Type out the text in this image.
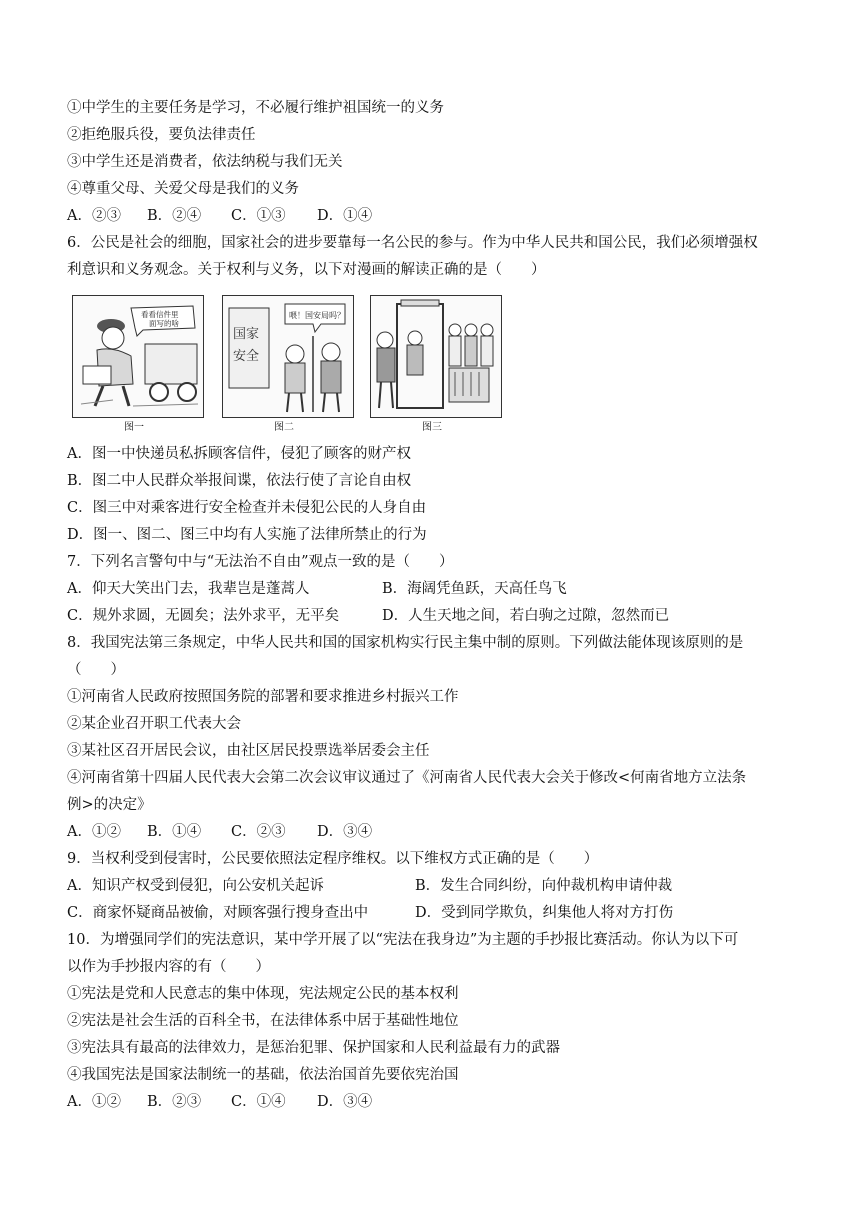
①中学生的主要任务是学习，不必履行维护祖国统一的义务
②拒绝服兵役，要负法律责任
③中学生还是消费者，依法纳税与我们无关
④尊重父母、关爱父母是我们的义务
A．②③ B．②④ C．①③ D．①④
6．公民是社会的细胞，国家社会的进步要靠每一名公民的参与。作为中华人民共和国公民，我们必须增强权
利意识和义务观念。关于权利与义务，以下对漫画的解读正确的是（　　）
看看信件里
面写的啥
图一
国家
安全
喂！国安局吗？
图二	图三
A．图一中快递员私拆顾客信件，侵犯了顾客的财产权
B．图二中人民群众举报间谍，依法行使了言论自由权
C．图三中对乘客进行安全检查并未侵犯公民的人身自由
D．图一、图二、图三中均有人实施了法律所禁止的行为
7．下列名言警句中与“无法治不自由”观点一致的是（　　）
A．仰天大笑出门去，我辈岂是蓬蒿人	B．海阔凭鱼跃，天高任鸟飞
C．规外求圆，无圆矣；法外求平，无平矣	D．人生天地之间，若白驹之过隙，忽然而已
8．我国宪法第三条规定，中华人民共和国的国家机构实行民主集中制的原则。下列做法能体现该原则的是
（　　）
①河南省人民政府按照国务院的部署和要求推进乡村振兴工作
②某企业召开职工代表大会
③某社区召开居民会议，由社区居民投票选举居委会主任
④河南省第十四届人民代表大会第二次会议审议通过了《河南省人民代表大会关于修改<何南省地方立法条
例>的决定》
A．①② B．①④ C．②③ D．③④
9．当权利受到侵害时，公民要依照法定程序维权。以下维权方式正确的是（　　）
A．知识产权受到侵犯，向公安机关起诉	B．发生合同纠纷，向仲裁机构申请仲裁
C．商家怀疑商品被偷，对顾客强行搜身查出中	D．受到同学欺负，纠集他人将对方打伤
10．为增强同学们的宪法意识，某中学开展了以“宪法在我身边”为主题的手抄报比赛活动。你认为以下可
以作为手抄报内容的有（　　）
①宪法是党和人民意志的集中体现，宪法规定公民的基本权利
②宪法是社会生活的百科全书，在法律体系中居于基础性地位
③宪法具有最高的法律效力，是惩治犯罪、保护国家和人民利益最有力的武器
④我国宪法是国家法制统一的基础，依法治国首先要依宪治国
A．①② B．②③ C．①④ D．③④
